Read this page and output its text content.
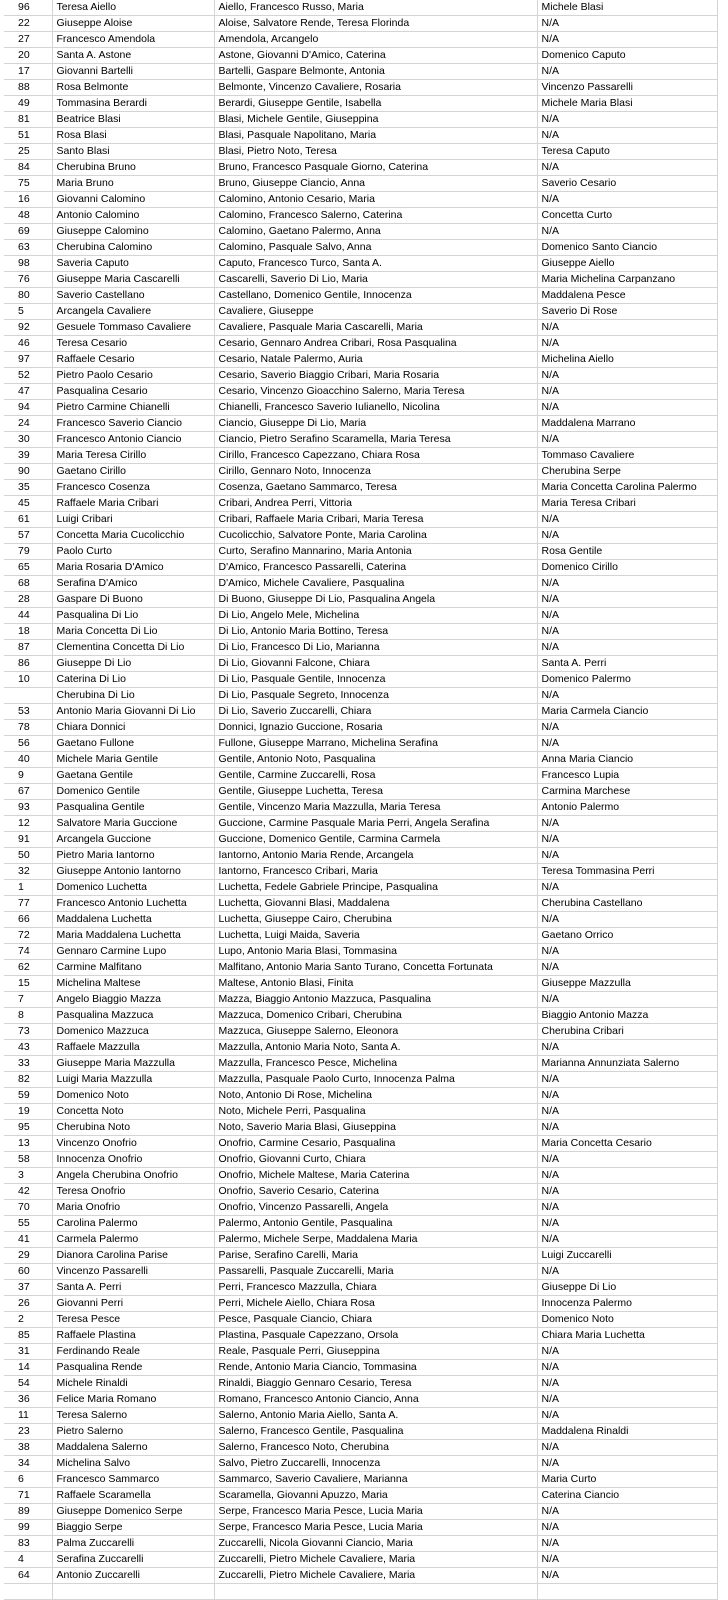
96	Teresa Aiello	Aiello, Francesco Russo, Maria	Michele Blasi
22	Giuseppe Aloise	Aloise, Salvatore Rende, Teresa Florinda	N/A
27	Francesco Amendola	Amendola, Arcangelo	N/A
20	Santa A. Astone	Astone, Giovanni D'Amico, Caterina	Domenico Caputo
17	Giovanni Bartelli	Bartelli, Gaspare Belmonte, Antonia	N/A
88	Rosa Belmonte	Belmonte, Vincenzo Cavaliere, Rosaria	Vincenzo Passarelli
49	Tommasina Berardi	Berardi, Giuseppe Gentile, Isabella	Michele Maria Blasi
81	Beatrice Blasi	Blasi, Michele Gentile, Giuseppina	N/A
51	Rosa Blasi	Blasi, Pasquale Napolitano, Maria	N/A
25	Santo Blasi	Blasi, Pietro Noto, Teresa	Teresa Caputo
84	Cherubina Bruno	Bruno, Francesco Pasquale Giorno, Caterina	N/A
75	Maria Bruno	Bruno, Giuseppe Ciancio, Anna	Saverio Cesario
16	Giovanni Calomino	Calomino, Antonio Cesario, Maria	N/A
48	Antonio Calomino	Calomino, Francesco Salerno, Caterina	Concetta Curto
69	Giuseppe Calomino	Calomino, Gaetano Palermo, Anna	N/A
63	Cherubina Calomino	Calomino, Pasquale Salvo, Anna	Domenico Santo Ciancio
98	Saveria Caputo	Caputo, Francesco Turco, Santa A.	Giuseppe Aiello
76	Giuseppe Maria Cascarelli	Cascarelli, Saverio Di Lio, Maria	Maria Michelina Carpanzano
80	Saverio Castellano	Castellano, Domenico Gentile, Innocenza	Maddalena Pesce
5	Arcangela Cavaliere	Cavaliere, Giuseppe	Saverio Di Rose
92	Gesuele Tommaso Cavaliere	Cavaliere, Pasquale Maria Cascarelli, Maria	N/A
46	Teresa Cesario	Cesario, Gennaro Andrea Cribari, Rosa Pasqualina	N/A
97	Raffaele Cesario	Cesario, Natale Palermo, Auria	Michelina Aiello
52	Pietro Paolo Cesario	Cesario, Saverio Biaggio Cribari, Maria Rosaria	N/A
47	Pasqualina Cesario	Cesario, Vincenzo Gioacchino Salerno, Maria Teresa	N/A
94	Pietro Carmine Chianelli	Chianelli, Francesco Saverio Iulianello, Nicolina	N/A
24	Francesco Saverio Ciancio	Ciancio, Giuseppe Di Lio, Maria	Maddalena Marrano
30	Francesco Antonio Ciancio	Ciancio, Pietro Serafino Scaramella, Maria Teresa	N/A
39	Maria Teresa Cirillo	Cirillo, Francesco Capezzano, Chiara Rosa	Tommaso Cavaliere
90	Gaetano Cirillo	Cirillo, Gennaro Noto, Innocenza	Cherubina Serpe
35	Francesco Cosenza	Cosenza, Gaetano Sammarco, Teresa	Maria Concetta Carolina Palermo
45	Raffaele Maria Cribari	Cribari, Andrea Perri, Vittoria	Maria Teresa Cribari
61	Luigi Cribari	Cribari, Raffaele Maria Cribari, Maria Teresa	N/A
57	Concetta Maria Cucolicchio	Cucolicchio, Salvatore Ponte, Maria Carolina	N/A
79	Paolo Curto	Curto, Serafino Mannarino, Maria Antonia	Rosa Gentile
65	Maria Rosaria D'Amico	D'Amico, Francesco Passarelli, Caterina	Domenico Cirillo
68	Serafina D'Amico	D'Amico, Michele Cavaliere, Pasqualina	N/A
28	Gaspare Di Buono	Di Buono, Giuseppe Di Lio, Pasqualina Angela	N/A
44	Pasqualina Di Lio	Di Lio, Angelo Mele, Michelina	N/A
18	Maria Concetta Di Lio	Di Lio, Antonio Maria Bottino, Teresa	N/A
87	Clementina Concetta Di Lio	Di Lio, Francesco Di Lio, Marianna	N/A
86	Giuseppe Di Lio	Di Lio, Giovanni Falcone, Chiara	Santa A. Perri
10	Caterina Di Lio	Di Lio, Pasquale Gentile, Innocenza	Domenico Palermo
	Cherubina Di Lio	Di Lio, Pasquale Segreto, Innocenza	N/A
53	Antonio Maria Giovanni Di Lio	Di Lio, Saverio Zuccarelli, Chiara	Maria Carmela Ciancio
78	Chiara Donnici	Donnici, Ignazio Guccione, Rosaria	N/A
56	Gaetano Fullone	Fullone, Giuseppe Marrano, Michelina Serafina	N/A
40	Michele Maria Gentile	Gentile, Antonio Noto, Pasqualina	Anna Maria Ciancio
9	Gaetana Gentile	Gentile, Carmine Zuccarelli, Rosa	Francesco Lupia
67	Domenico Gentile	Gentile, Giuseppe Luchetta, Teresa	Carmina Marchese
93	Pasqualina Gentile	Gentile, Vincenzo Maria Mazzulla, Maria Teresa	Antonio Palermo
12	Salvatore Maria Guccione	Guccione, Carmine Pasquale Maria Perri, Angela Serafina	N/A
91	Arcangela Guccione	Guccione, Domenico Gentile, Carmina Carmela	N/A
50	Pietro Maria Iantorno	Iantorno, Antonio Maria Rende, Arcangela	N/A
32	Giuseppe Antonio Iantorno	Iantorno, Francesco Cribari, Maria	Teresa Tommasina Perri
1	Domenico Luchetta	Luchetta, Fedele Gabriele Principe, Pasqualina	N/A
77	Francesco Antonio Luchetta	Luchetta, Giovanni Blasi, Maddalena	Cherubina Castellano
66	Maddalena Luchetta	Luchetta, Giuseppe Cairo, Cherubina	N/A
72	Maria Maddalena Luchetta	Luchetta, Luigi Maida, Saveria	Gaetano Orrico
74	Gennaro Carmine Lupo	Lupo, Antonio Maria Blasi, Tommasina	N/A
62	Carmine Malfitano	Malfitano, Antonio Maria Santo Turano, Concetta Fortunata	N/A
15	Michelina Maltese	Maltese, Antonio Blasi, Finita	Giuseppe Mazzulla
7	Angelo Biaggio Mazza	Mazza, Biaggio Antonio Mazzuca, Pasqualina	N/A
8	Pasqualina Mazzuca	Mazzuca, Domenico Cribari, Cherubina	Biaggio Antonio Mazza
73	Domenico Mazzuca	Mazzuca, Giuseppe Salerno, Eleonora	Cherubina Cribari
43	Raffaele Mazzulla	Mazzulla, Antonio Maria Noto, Santa A.	N/A
33	Giuseppe Maria Mazzulla	Mazzulla, Francesco Pesce, Michelina	Marianna Annunziata Salerno
82	Luigi Maria Mazzulla	Mazzulla, Pasquale Paolo Curto, Innocenza Palma	N/A
59	Domenico Noto	Noto, Antonio Di Rose, Michelina	N/A
19	Concetta Noto	Noto, Michele Perri, Pasqualina	N/A
95	Cherubina Noto	Noto, Saverio Maria Blasi, Giuseppina	N/A
13	Vincenzo Onofrio	Onofrio, Carmine Cesario, Pasqualina	Maria Concetta Cesario
58	Innocenza Onofrio	Onofrio, Giovanni Curto, Chiara	N/A
3	Angela Cherubina Onofrio	Onofrio, Michele Maltese, Maria Caterina	N/A
42	Teresa Onofrio	Onofrio, Saverio Cesario, Caterina	N/A
70	Maria Onofrio	Onofrio, Vincenzo Passarelli, Angela	N/A
55	Carolina Palermo	Palermo, Antonio Gentile, Pasqualina	N/A
41	Carmela Palermo	Palermo, Michele Serpe, Maddalena Maria	N/A
29	Dianora Carolina Parise	Parise, Serafino Carelli, Maria	Luigi Zuccarelli
60	Vincenzo Passarelli	Passarelli, Pasquale Zuccarelli, Maria	N/A
37	Santa A. Perri	Perri, Francesco Mazzulla, Chiara	Giuseppe Di Lio
26	Giovanni Perri	Perri, Michele Aiello, Chiara Rosa	Innocenza Palermo
2	Teresa Pesce	Pesce, Pasquale Ciancio, Chiara	Domenico Noto
85	Raffaele Plastina	Plastina, Pasquale Capezzano, Orsola	Chiara Maria Luchetta
31	Ferdinando Reale	Reale, Pasquale Perri, Giuseppina	N/A
14	Pasqualina Rende	Rende, Antonio Maria Ciancio, Tommasina	N/A
54	Michele Rinaldi	Rinaldi, Biaggio Gennaro Cesario, Teresa	N/A
36	Felice Maria Romano	Romano, Francesco Antonio Ciancio, Anna	N/A
11	Teresa Salerno	Salerno, Antonio Maria Aiello, Santa A.	N/A
23	Pietro Salerno	Salerno, Francesco Gentile, Pasqualina	Maddalena Rinaldi
38	Maddalena Salerno	Salerno, Francesco Noto, Cherubina	N/A
34	Michelina Salvo	Salvo, Pietro Zuccarelli, Innocenza	N/A
6	Francesco Sammarco	Sammarco, Saverio Cavaliere, Marianna	Maria Curto
71	Raffaele Scaramella	Scaramella, Giovanni Apuzzo, Maria	Caterina Ciancio
89	Giuseppe Domenico Serpe	Serpe, Francesco Maria Pesce, Lucia Maria	N/A
99	Biaggio Serpe	Serpe, Francesco Maria Pesce, Lucia Maria	N/A
83	Palma Zuccarelli	Zuccarelli, Nicola Giovanni Ciancio, Maria	N/A
4	Serafina Zuccarelli	Zuccarelli, Pietro Michele Cavaliere, Maria	N/A
64	Antonio Zuccarelli	Zuccarelli, Pietro Michele Cavaliere, Maria	N/A
